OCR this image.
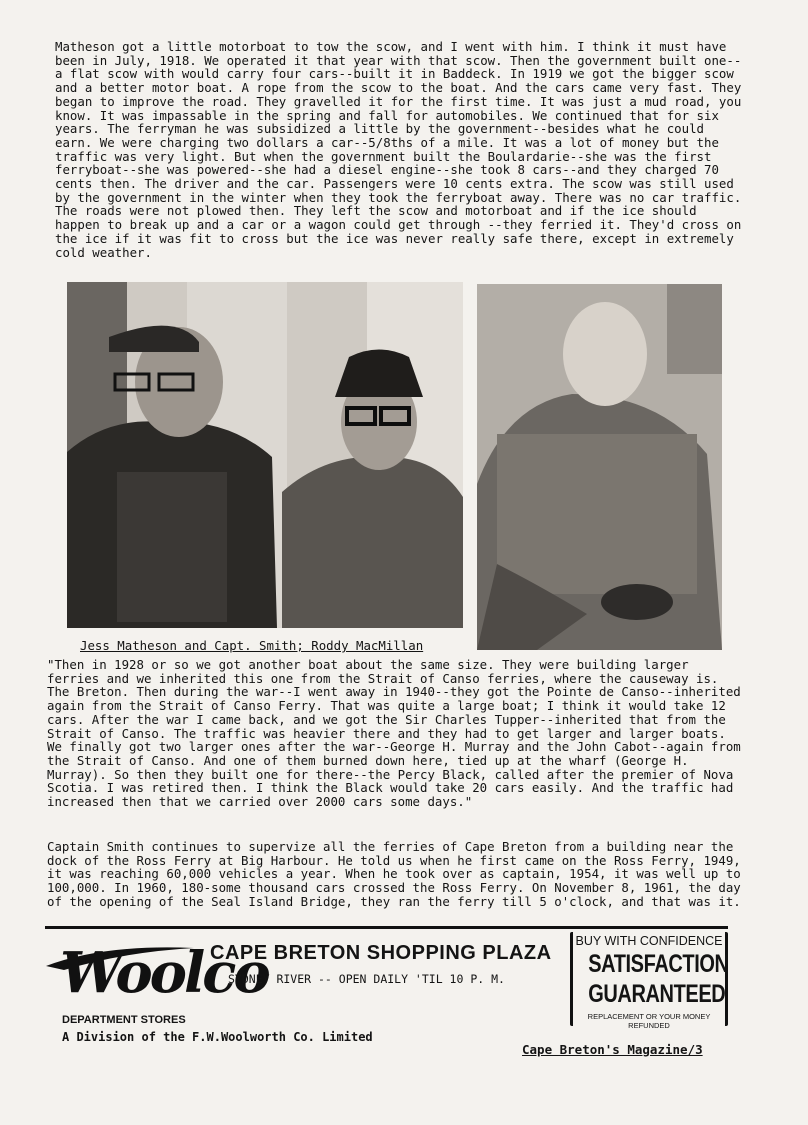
Matheson got a little motorboat to tow the scow, and I went with him. I think it must have been in July, 1918. We operated it that year with that scow. Then the government built one--a flat scow with would carry four cars--built it in Baddeck. In 1919 we got the bigger scow and a better motor boat. A rope from the scow to the boat. And the cars came very fast. They began to improve the road. They gravelled it for the first time. It was just a mud road, you know. It was impassable in the spring and fall for automobiles. We continued that for six years. The ferryman he was subsidized a little by the government--besides what he could earn. We were charging two dollars a car--5/8ths of a mile. It was a lot of money but the traffic was very light. But when the government built the Boulardarie--she was the first ferryboat--she was powered--she had a diesel engine--she took 8 cars--and they charged 70 cents then. The driver and the car. Passengers were 10 cents extra. The scow was still used by the government in the winter when they took the ferryboat away. There was no car traffic. The roads were not plowed then. They left the scow and motorboat and if the ice should happen to break up and a car or a wagon could get through --they ferried it. They'd cross on the ice if it was fit to cross but the ice was never really safe there, except in extremely cold weather.

Jess Matheson and Capt. Smith; Roddy MacMillan

"Then in 1928 or so we got another boat about the same size. They were building larger ferries and we inherited this one from the Strait of Canso ferries, where the causeway is. The Breton. Then during the war--I went away in 1940--they got the Pointe de Canso--inherited again from the Strait of Canso Ferry. That was quite a large boat; I think it would take 12 cars. After the war I came back, and we got the Sir Charles Tupper--inherited that from the Strait of Canso. The traffic was heavier there and they had to get larger and larger boats. We finally got two larger ones after the war--George H. Murray and the John Cabot--again from the Strait of Canso. And one of them burned down here, tied up at the wharf (George H. Murray). So then they built one for there--the Percy Black, called after the premier of Nova Scotia. I was retired then. I think the Black would take 20 cars easily. And the traffic had increased then that we carried over 2000 cars some days."

Captain Smith continues to supervize all the ferries of Cape Breton from a building near the dock of the Ross Ferry at Big Harbour. He told us when he first came on the Ross Ferry, 1949, it was reaching 60,000 vehicles a year. When he took over as captain, 1954, it was well up to 100,000. In 1960, 180-some thousand cars crossed the Ross Ferry. On November 8, 1961, the day of the opening of the Seal Island Bridge, they ran the ferry till 5 o'clock, and that was it.

Woolco
DEPARTMENT STORES
A Division of the F.W.Woolworth Co. Limited
CAPE BRETON SHOPPING PLAZA
SYDNEY RIVER -- OPEN DAILY 'TIL 10 P. M.
BUY WITH CONFIDENCE
SATISFACTION
GUARANTEED
REPLACEMENT OR YOUR MONEY REFUNDED
Cape Breton's Magazine/3
